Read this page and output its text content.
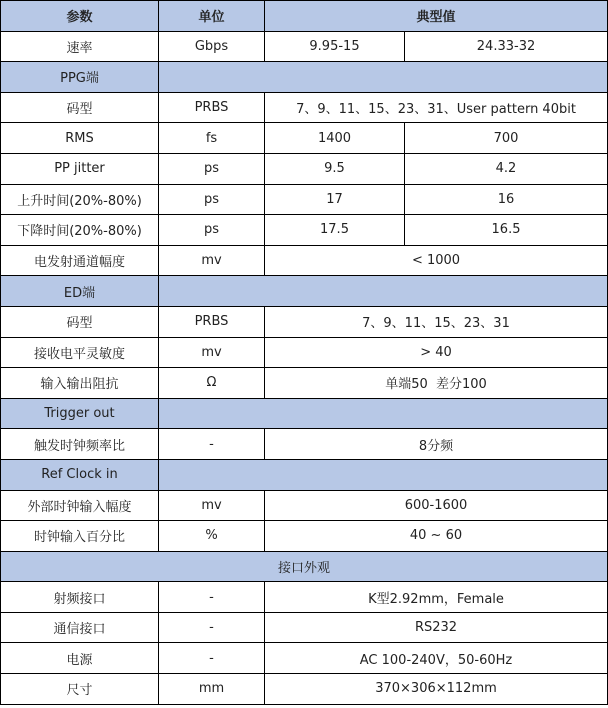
参数	单位	典型值	
速率	Gbps	9.95-15	24.33-32
PPG端			
码型	PRBS	7、9、11、15、23、31、User pattern 40bit	
RMS	fs	1400	700
PP jitter	ps	9.5	4.2
上升时间(20%-80%)	ps	17	16
下降时间(20%-80%)	ps	17.5	16.5
电发射通道幅度	mv	< 1000	
ED端			
码型	PRBS	7、9、11、15、23、31	
接收电平灵敏度	mv	> 40	
输入输出阻抗	Ω	单端50  差分100	
Trigger out			
触发时钟频率比	-	8分频	
Ref Clock in			
外部时钟输入幅度	mv	600-1600	
时钟输入百分比	%	40 ~ 60	
接口外观			
射频接口	-	K型2.92mm，Female	
通信接口	-	RS232	
电源	-	AC 100-240V，50-60Hz	
尺寸	mm	370×306×112mm	
